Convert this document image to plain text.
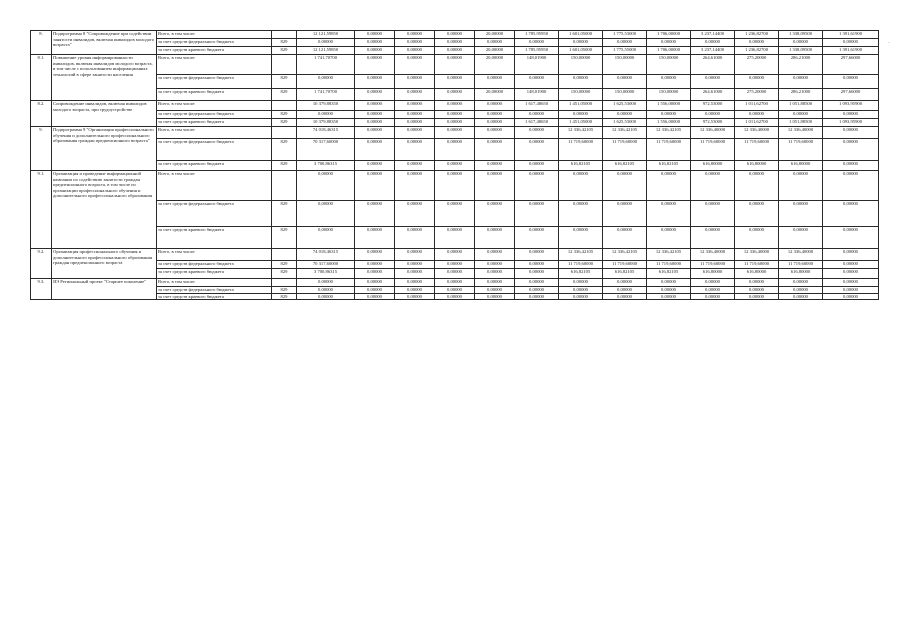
8.	Подпрограмма 8 "Сопровождение при содействии занятости инвалидов, включая инвалидов молодого возраста"	Всего, в том числе:		12 121,59850	0,00000	0,00000	0,00000	20,00000	1 785,95950	1 601,05000	1 775,53000	1 706,00000	3 237,14400	1 236,82700	1 338,09500	1 391,61900
		за счет средств федерального бюджета	829	0,00000	0,00000	0,00000	0,00000	0,00000	0,00000	0,00000	0,00000	0,00000	0,00000	0,00000	0,00000	0,00000
		за счет средств краевого бюджета	829	12 121,59850	0,00000	0,00000	0,00000	20,00000	1 785,95950	1 601,05000	1 775,55000	1 706,00000	3 237,14400	1 236,82700	1 338,09500	1 391,61900
8.1.	Повышение уровня информированности инвалидов, включая инвалидов молодого возраста, в том числе с использованием информационных технологий в сфере занятости населения	Всего, в том числе:		1 741,70700	0,00000	0,00000	0,00000	20,00000	148,01900	150,00000	150,00000	150,00000	264,61000	275,20000	286,21000	297,66000
		за счет средств федерального бюджета	829	0,00000	0,00000	0,00000	0,00000	0,00000	0,00000	0,00000	0,00000	0,00000	0,00000	0,00000	0,00000	0,00000
		за счет средств краевого бюджета	829	1 741,70700	0,00000	0,00000	0,00000	20,00000	148,01900	150,00000	150,00000	150,00000	264,61000	275,20000	286,21000	297,66000
8.2.	Сопровождение инвалидов, включая инвалидов молодого возраста, при трудоустройстве	Всего, в том числе:		10 379,88350	0,00000	0,00000	0,00000	0,00000	1 617,48650	1 451,05000	1 625,53000	1 556,00000	972,53000	1 011,62700	1 051,88500	1 093,95900
		за счет средств федерального бюджета	829	0,00000	0,00000	0,00000	0,00000	0,00000	0,00000	0,00000	0,00000	0,00000	0,00000	0,00000	0,00000	0,00000
		за счет средств краевого бюджета	829	10 379,88350	0,00000	0,00000	0,00000	0,00000	1 617,48650	1 451,05000	1 625,53000	1 556,00000	972,53000	1 011,62700	1 051,88500	1 093,95900
9.	Подпрограмма 9 "Организация профессионального обучения и дополнительного профессионального образования граждан предпенсионного возраста"	Всего, в том числе:		74 018,46315	0,00000	0,00000	0,00000	0,00000	0,00000	12 336,42105	12 336,42105	12 336,42105	12 336,40000	12 336,40000	12 336,40000	0,00000
		за счет средств федерального бюджета	829	70 317,60000	0,00000	0,00000	0,00000	0,00000	0,00000	11 719,60000	11 719,60000	11 719,60000	11 719,60000	11 719,60000	11 719,60000	0,00000
		за счет средств краевого бюджета	829	3 700,86315	0,00000	0,00000	0,00000	0,00000	0,00000	616,82105	616,82105	616,82105	616,80000	616,80000	616,80000	0,00000
9.1.	Организация и проведение информационной кампании по содействию занятости граждан предпенсионного возраста, в том числе по организации профессионального обучения и дополнительного профессионального образования	Всего, в том числе:		0,00000	0,00000	0,00000	0,00000	0,00000	0,00000	0,00000	0,00000	0,00000	0,00000	0,00000	0,00000	0,00000
		за счет средств федерального бюджета	829	0,00000	0,00000	0,00000	0,00000	0,00000	0,00000	0,00000	0,00000	0,00000	0,00000	0,00000	0,00000	0,00000
		за счет средств краевого бюджета	829	0,00000	0,00000	0,00000	0,00000	0,00000	0,00000	0,00000	0,00000	0,00000	0,00000	0,00000	0,00000	0,00000
9.2.	Организация профессионального обучения и дополнительного профессионального образования граждан предпенсионного возраста	Всего, в том числе:		74 018,46315	0,00000	0,00000	0,00000	0,00000	0,00000	12 336,42105	12 336,42105	12 336,42105	12 336,40000	12 336,40000	12 336,40000	0,00000
		за счет средств федерального бюджета	829	70 317,60000	0,00000	0,00000	0,00000	0,00000	0,00000	11 719,60000	11 719,60000	11 719,60000	11 719,60000	11 719,60000	11 719,60000	0,00000
		за счет средств краевого бюджета	829	3 700,86315	0,00000	0,00000	0,00000	0,00000	0,00000	616,82105	616,82105	616,82105	616,80000	616,80000	616,80000	0,00000
9.3.	ЯЭ Региональный проект "Старшее поколение"	Всего, в том числе:		0,00000	0,00000	0,00000	0,00000	0,00000	0,00000	0,00000	0,00000	0,00000	0,00000	0,00000	0,00000	0,00000
		за счет средств федерального бюджета	829	0,00000	0,00000	0,00000	0,00000	0,00000	0,00000	0,00000	0,00000	0,00000	0,00000	0,00000	0,00000	0,00000
		за счет средств краевого бюджета	829	0,00000	0,00000	0,00000	0,00000	0,00000	0,00000	0,00000	0,00000	0,00000	0,00000	0,00000	0,00000	0,00000
·
